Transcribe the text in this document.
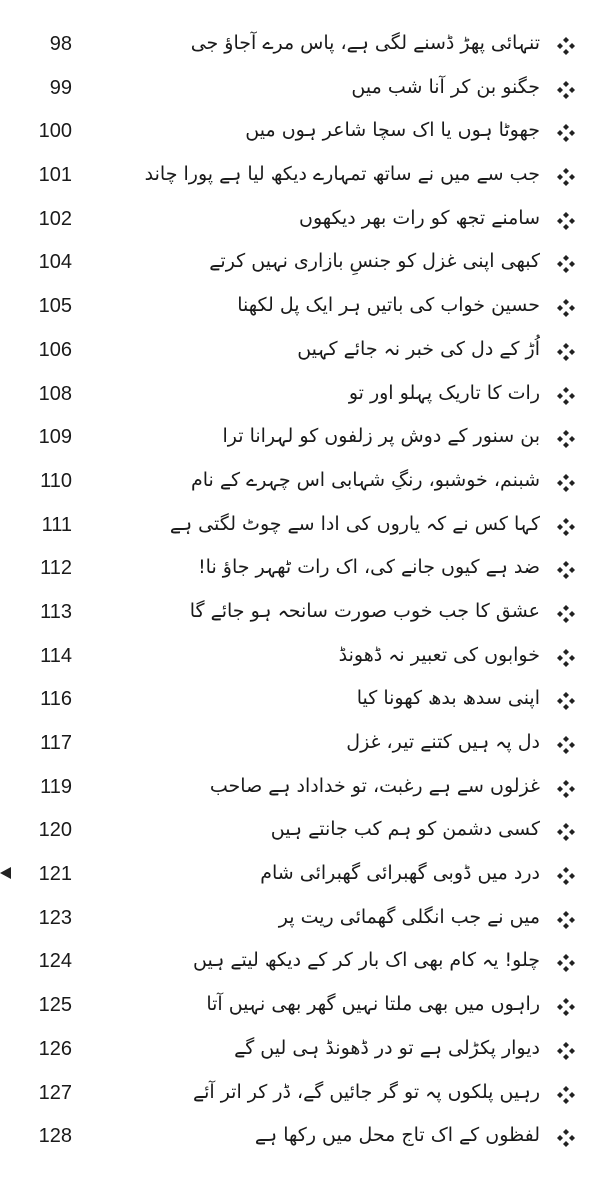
98	تنہائی پھڑ ڈسنے لگی ہے، پاس مرے آجاؤ جی
99	جگنو بن کر آنا شب میں
100	جھوٹا ہوں یا اک سچا شاعر ہوں میں
101	جب سے میں نے ساتھ تمہارے دیکھ لیا ہے پورا چاند
102	سامنے تجھ کو رات بھر دیکھوں
104	کبھی اپنی غزل کو جنسِ بازاری نہیں کرتے
105	حسین خواب کی باتیں ہر ایک پل لکھنا
106	اُڑ کے دل کی خبر نہ جائے کہیں
108	رات کا تاریک پہلو اور تو
109	بن سنور کے دوش پر زلفوں کو لہرانا ترا
110	شبنم، خوشبو، رنگِ شہابی اس چہرے کے نام
111	کہا کس نے کہ یاروں کی ادا سے چوٹ لگتی ہے
112	ضد ہے کیوں جانے کی، اک رات ٹھہر جاؤ نا!
113	عشق کا جب خوب صورت سانحہ ہو جائے گا
114	خوابوں کی تعبیر نہ ڈھونڈ
116	اپنی سدھ بدھ کھونا کیا
117	دل پہ ہیں کتنے تیر، غزل
119	غزلوں سے ہے رغبت، تو خداداد ہے صاحب
120	کسی دشمن کو ہم کب جانتے ہیں
121	درد میں ڈوبی گھبرائی گھبرائی شام
123	میں نے جب انگلی گھمائی ریت پر
124	چلو! یہ کام بھی اک بار کر کے دیکھ لیتے ہیں
125	راہوں میں بھی ملتا نہیں گھر بھی نہیں آتا
126	دیوار پکڑلی ہے تو در ڈھونڈ ہی لیں گے
127	رہیں پلکوں پہ تو گر جائیں گے، ڈر کر اتر آئے
128	لفظوں کے اک تاج محل میں رکھا ہے
